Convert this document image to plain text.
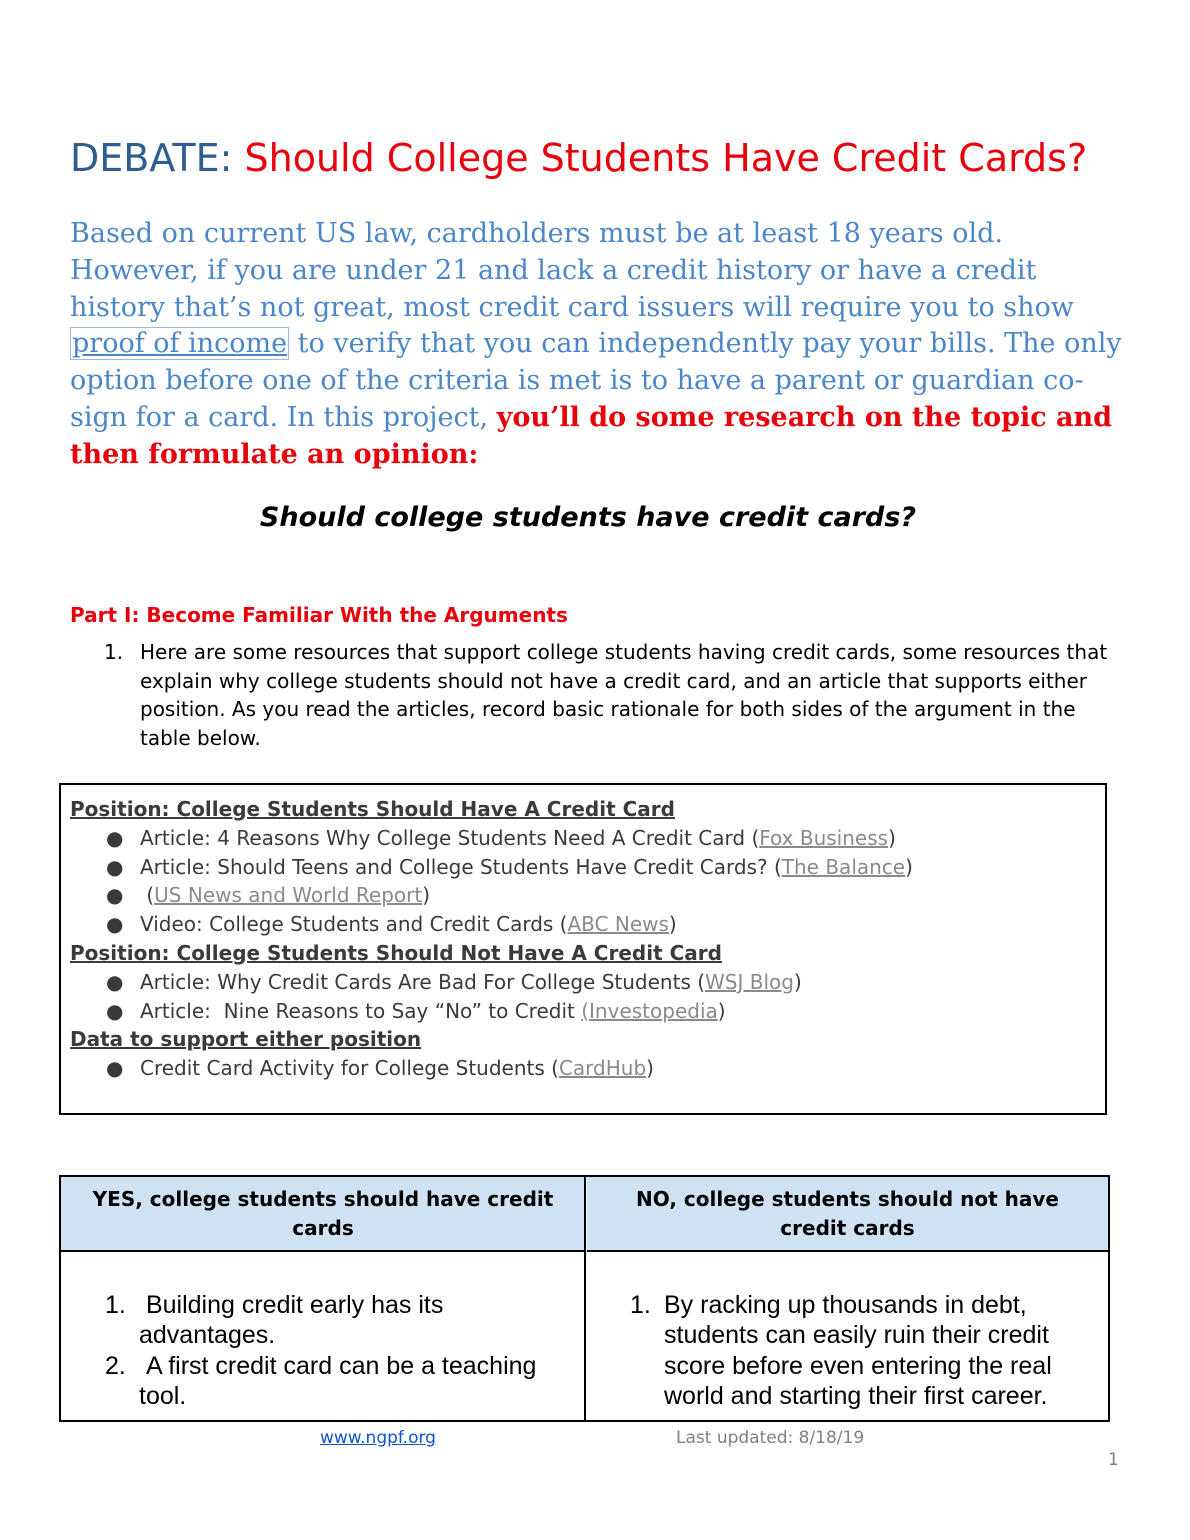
DEBATE: Should College Students Have Credit Cards?
Based on current US law, cardholders must be at least 18 years old. However, if you are under 21 and lack a credit history or have a credit history that’s not great, most credit card issuers will require you to show proof of income to verify that you can independently pay your bills. The only option before one of the criteria is met is to have a parent or guardian co-sign for a card. In this project, you’ll do some research on the topic and then formulate an opinion:
Should college students have credit cards?
Part I: Become Familiar With the Arguments
1. Here are some resources that support college students having credit cards, some resources that explain why college students should not have a credit card, and an article that supports either position. As you read the articles, record basic rationale for both sides of the argument in the table below.
Position: College Students Should Have A Credit Card
● Article: 4 Reasons Why College Students Need A Credit Card (Fox Business)
● Article: Should Teens and College Students Have Credit Cards? (The Balance)
● (US News and World Report)
● Video: College Students and Credit Cards (ABC News)
Position: College Students Should Not Have A Credit Card
● Article: Why Credit Cards Are Bad For College Students (WSJ Blog)
● Article:  Nine Reasons to Say “No” to Credit (Investopedia)
Data to support either position
● Credit Card Activity for College Students (CardHub)
YES, college students should have credit cards
NO, college students should not have credit cards
1. Building credit early has its advantages.
2. A first credit card can be a teaching tool.
1. By racking up thousands in debt, students can easily ruin their credit score before even entering the real world and starting their first career.
www.ngpf.org	Last updated: 8/18/19
1
